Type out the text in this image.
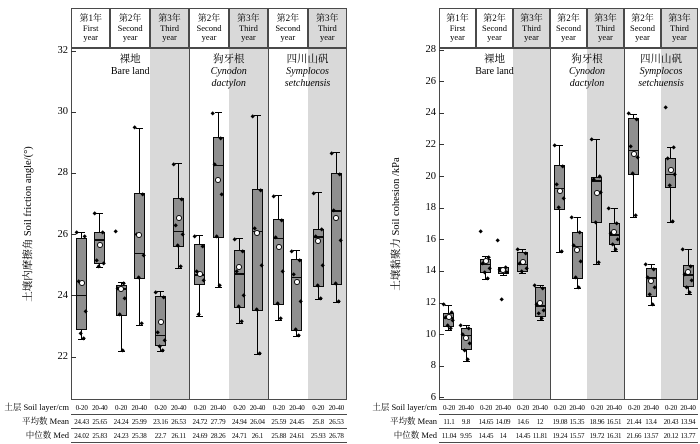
第1年
First
year
第2年
Second
year
第3年
Third
year
第2年
Second
year
第3年
Third
year
第2年
Second
year
第3年
Third
year
裸地
Bare land
狗牙根
Cynodon
dactylon
四川山矾
Symplocos
setchuensis
22
24
26
28
30
32
土壤内摩擦角 Soil friction angle/(°)
土层 Soil layer/cm
平均数 Mean
中位数 Med
0-20 20-40	0-20 20-40	0-20 20-40	0-20 20-40	0-20 20-40	0-20 20-40	0-20 20-40
24.43 25.65 24.24 25.99 23.16 26.53 24.72 27.79 24.94 26.04 25.59 24.45	25.8 26.53
24.02 25.83 24.23 25.38	22.7 26.11 24.69 28.26 24.71 26.1	25.88 24.61 25.93 26.78
第1年
First
year
第2年
Second
year
第3年
Third
year
第2年
Second
year
第3年
Third
year
第2年
Second
year
第3年
Third
year
裸地
Bare land
狗牙根
Cynodon
dactylon
四川山矾
Symplocos
setchuensis
6
8
10
12
14
16
18
20
22
24
26
28
土壤黏聚力 Soil cohesion /kPa
土层 Soil layer/cm
平均数 Mean
中位数 Med
0-20 20-40 0-20 20-40 0-20 20-40 0-20 20-40 0-20 20-40 0-20 20-40 0-20 20-40
11.1	9.8	14.65 14.09 14.6	12	19.08 15.35 18.96 16.51 21.44 13.4 20.43 13.94
11.04 9.95 14.45 14	14.45 11.81 19.24 15.57 19.72 16.31 21.66 13.57 20.12 13.77
